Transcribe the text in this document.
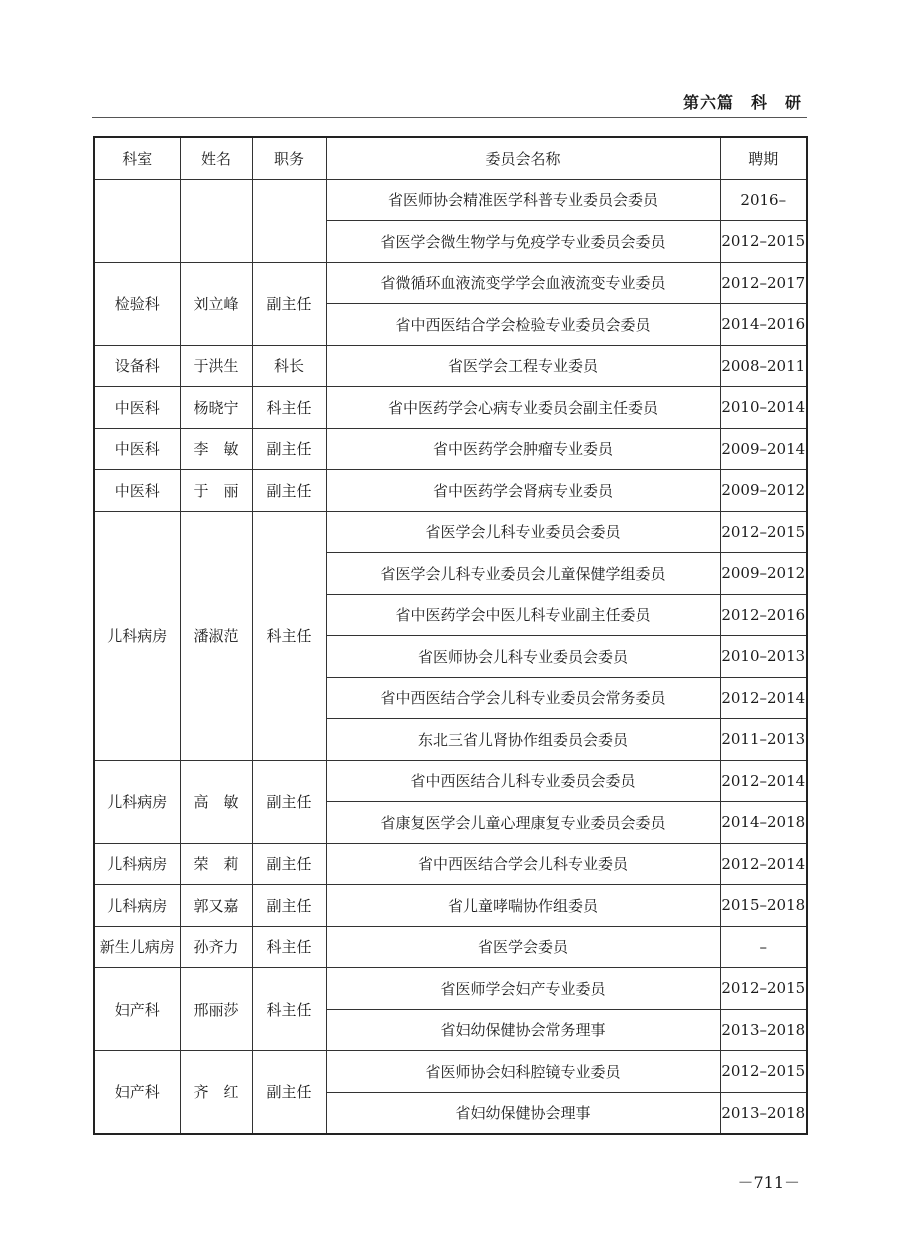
第六篇　科　研
科室	姓名	职务	委员会名称	聘期
			省医师协会精准医学科普专业委员会委员	2016–
			省医学会微生物学与免疫学专业委员会委员	2012–2015
检验科	刘立峰	副主任	省微循环血液流变学学会血液流变专业委员	2012–2017
			省中西医结合学会检验专业委员会委员	2014–2016
设备科	于洪生	科长	省医学会工程专业委员	2008–2011
中医科	杨晓宁	科主任	省中医药学会心病专业委员会副主任委员	2010–2014
中医科	李　敏	副主任	省中医药学会肿瘤专业委员	2009–2014
中医科	于　丽	副主任	省中医药学会肾病专业委员	2009–2012
儿科病房	潘淑范	科主任	省医学会儿科专业委员会委员	2012–2015
			省医学会儿科专业委员会儿童保健学组委员	2009–2012
			省中医药学会中医儿科专业副主任委员	2012–2016
			省医师协会儿科专业委员会委员	2010–2013
			省中西医结合学会儿科专业委员会常务委员	2012–2014
			东北三省儿肾协作组委员会委员	2011–2013
儿科病房	高　敏	副主任	省中西医结合儿科专业委员会委员	2012–2014
			省康复医学会儿童心理康复专业委员会委员	2014–2018
儿科病房	荣　莉	副主任	省中西医结合学会儿科专业委员	2012–2014
儿科病房	郭又嘉	副主任	省儿童哮喘协作组委员	2015–2018
新生儿病房	孙齐力	科主任	省医学会委员	–
妇产科	邢丽莎	科主任	省医师学会妇产专业委员	2012–2015
			省妇幼保健协会常务理事	2013–2018
妇产科	齐　红	副主任	省医师协会妇科腔镜专业委员	2012–2015
			省妇幼保健协会理事	2013–2018
－711－
